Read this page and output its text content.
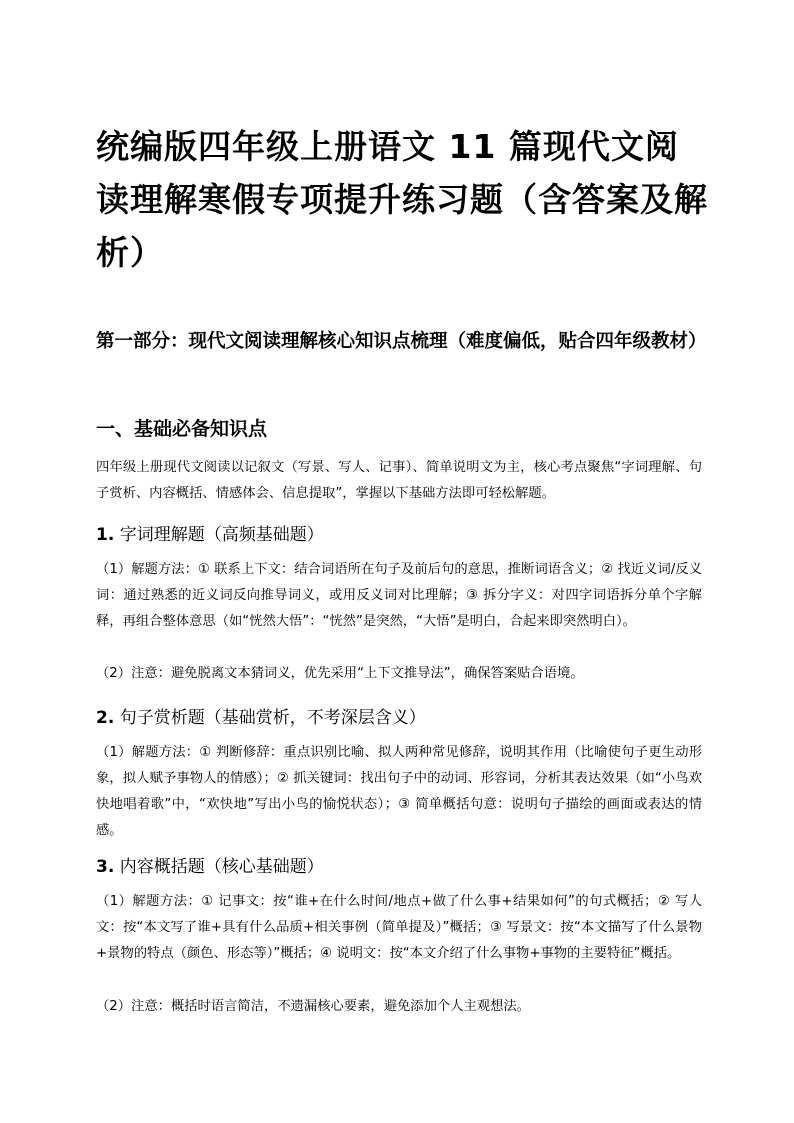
统编版四年级上册语文 11 篇现代文阅读理解寒假专项提升练习题（含答案及解析）
第一部分：现代文阅读理解核心知识点梳理（难度偏低，贴合四年级教材）
一、基础必备知识点

四年级上册现代文阅读以记叙文（写景、写人、记事）、简单说明文为主，核心考点聚焦“字词理解、句子赏析、内容概括、情感体会、信息提取”，掌握以下基础方法即可轻松解题。

1. 字词理解题（高频基础题）

（1）解题方法：① 联系上下文：结合词语所在句子及前后句的意思，推断词语含义；② 找近义词/反义词：通过熟悉的近义词反向推导词义，或用反义词对比理解；③ 拆分字义：对四字词语拆分单个字解释，再组合整体意思（如“恍然大悟”：“恍然”是突然，“大悟”是明白，合起来即突然明白）。

（2）注意：避免脱离文本猜词义，优先采用“上下文推导法”，确保答案贴合语境。

2. 句子赏析题（基础赏析，不考深层含义）

（1）解题方法：① 判断修辞：重点识别比喻、拟人两种常见修辞，说明其作用（比喻使句子更生动形象，拟人赋予事物人的情感）；② 抓关键词：找出句子中的动词、形容词，分析其表达效果（如“小鸟欢快地唱着歌”中，“欢快地”写出小鸟的愉悦状态）；③ 简单概括句意：说明句子描绘的画面或表达的情感。

3. 内容概括题（核心基础题）

（1）解题方法：① 记事文：按“谁+在什么时间/地点+做了什么事+结果如何”的句式概括；② 写人文：按“本文写了谁+具有什么品质+相关事例（简单提及）”概括；③ 写景文：按“本文描写了什么景物+景物的特点（颜色、形态等）”概括；④ 说明文：按“本文介绍了什么事物+事物的主要特征”概括。

（2）注意：概括时语言简洁，不遗漏核心要素，避免添加个人主观想法。
